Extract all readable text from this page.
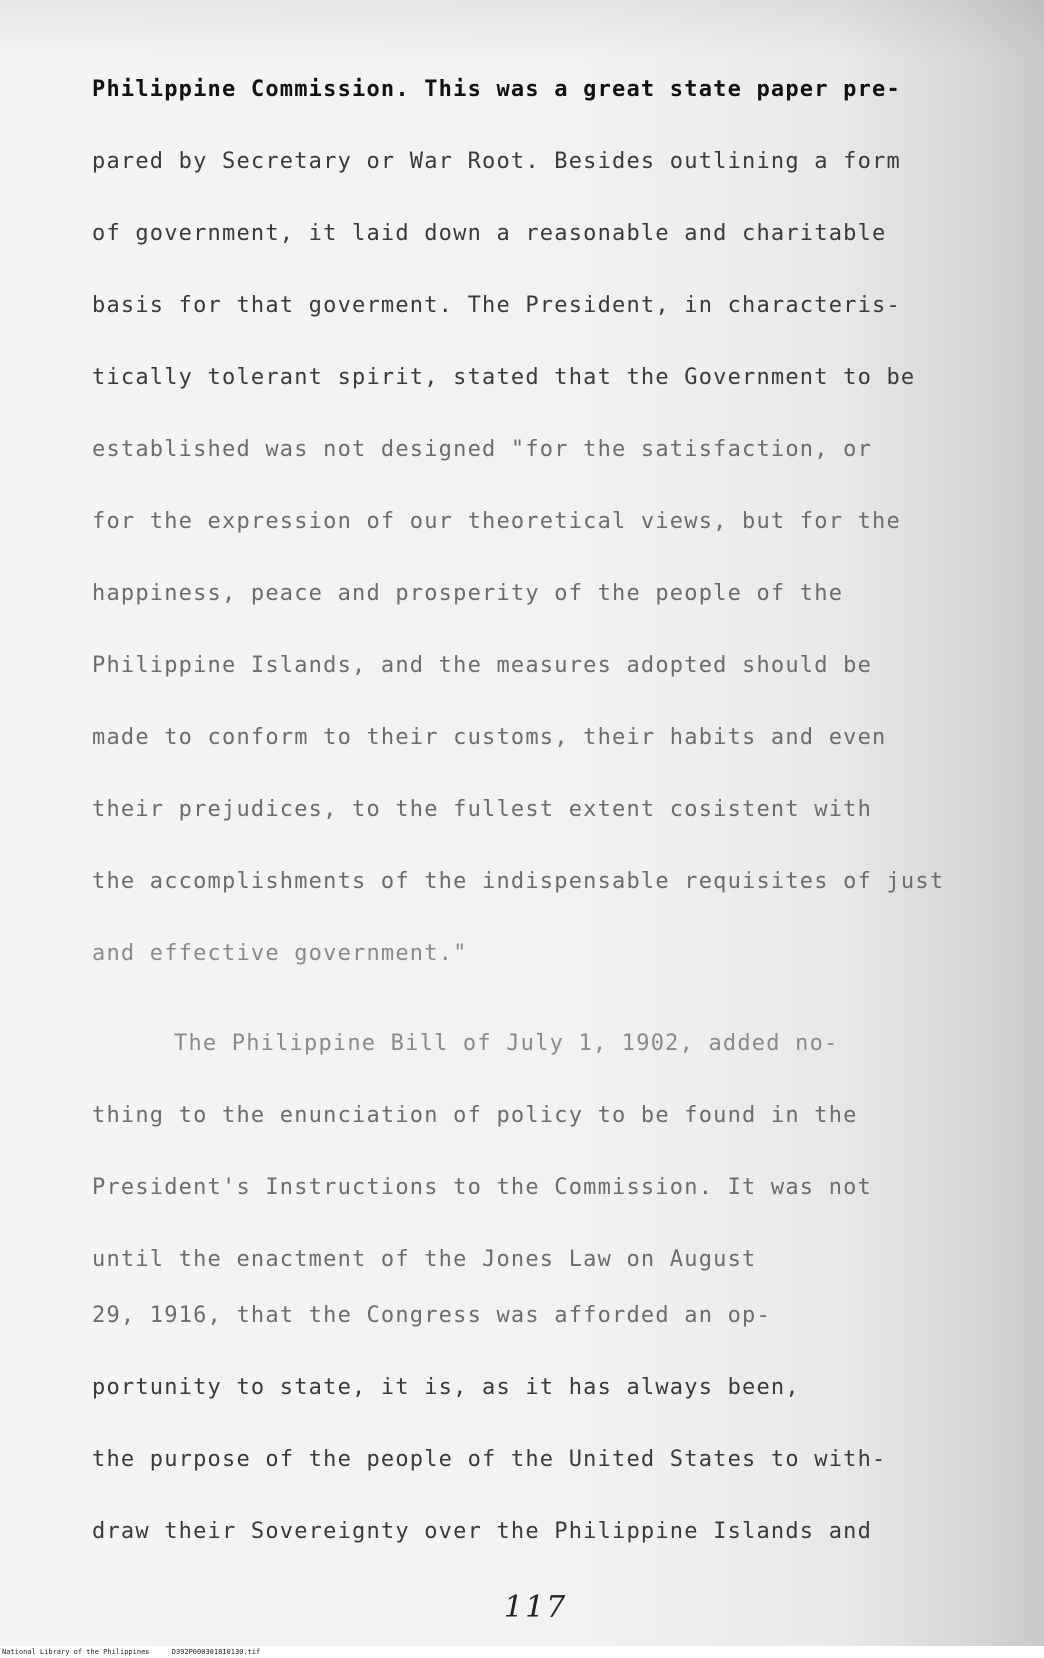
Philippine Commission. This was a great state paper pre-
pared by Secretary or War Root. Besides outlining a form
of government, it laid down a reasonable and charitable
basis for that goverment. The President, in characteris-
tically tolerant spirit, stated that the Government to be
established was not designed "for the satisfaction, or
for the expression of our theoretical views, but for the
happiness, peace and prosperity of the people of the
Philippine Islands, and the measures adopted should be
made to conform to their customs, their habits and even
their prejudices, to the fullest extent cosistent with
the accomplishments of the indispensable requisites of just
and effective government."
The Philippine Bill of July 1, 1902, added no-
thing to the enunciation of policy to be found in the
President's Instructions to the Commission. It was not
until the enactment of the Jones Law on August
29, 1916, that the Congress was afforded an op-
portunity to state, it is, as it has always been,
the purpose of the people of the United States to with-
draw their Sovereignty over the Philippine Islands and
117
National Library of the Philippines	D392P000301810130.tif
